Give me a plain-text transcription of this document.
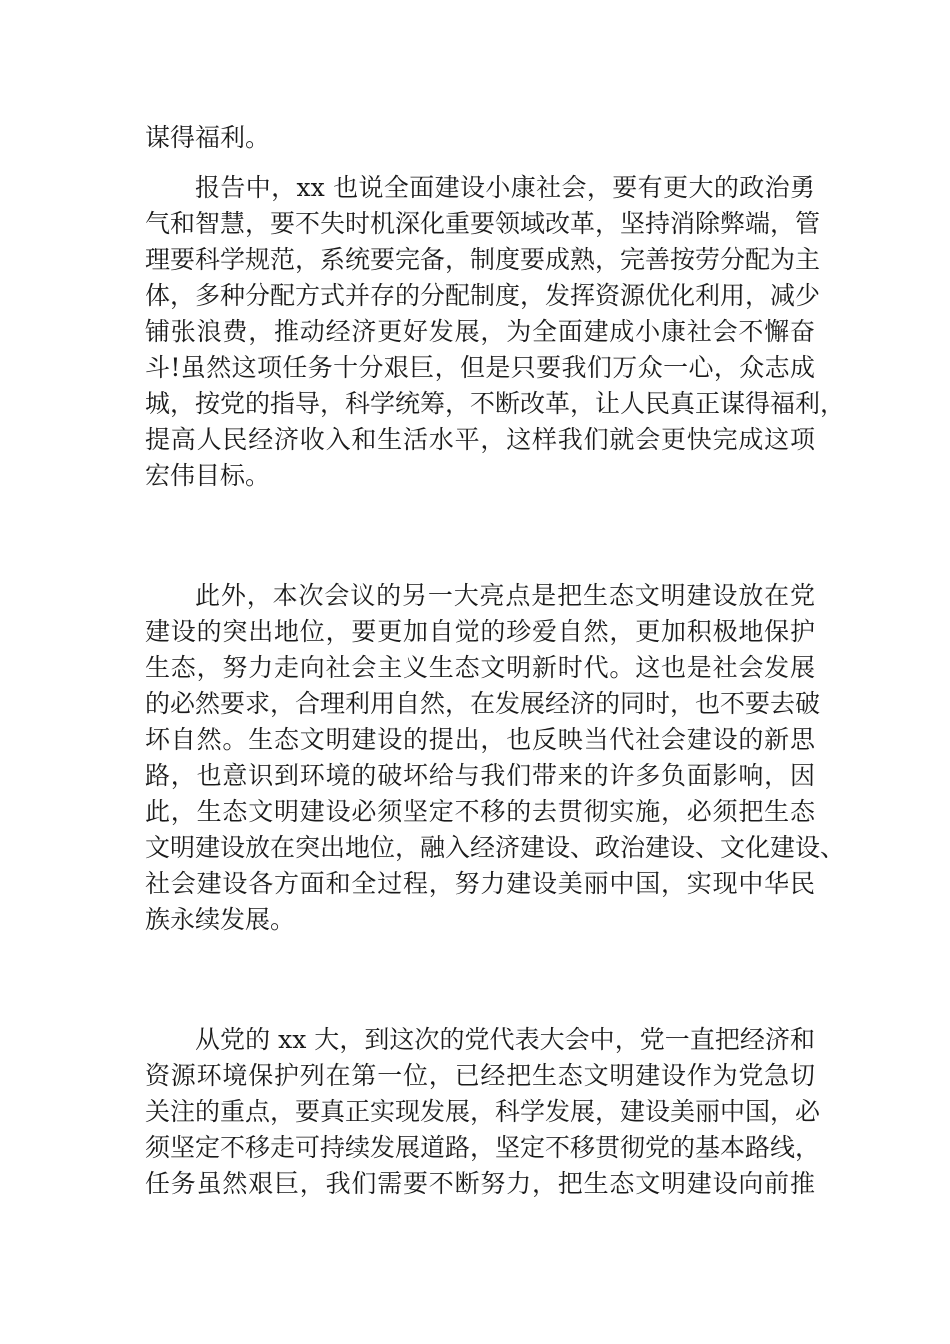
谋得福利。
报告中，xx 也说全面建设小康社会，要有更大的政治勇
气和智慧，要不失时机深化重要领域改革，坚持消除弊端，管
理要科学规范，系统要完备，制度要成熟，完善按劳分配为主
体，多种分配方式并存的分配制度，发挥资源优化利用，减少
铺张浪费，推动经济更好发展，为全面建成小康社会不懈奋
斗!虽然这项任务十分艰巨，但是只要我们万众一心，众志成
城，按党的指导，科学统筹，不断改革，让人民真正谋得福利，
提高人民经济收入和生活水平，这样我们就会更快完成这项
宏伟目标。
此外，本次会议的另一大亮点是把生态文明建设放在党
建设的突出地位，要更加自觉的珍爱自然，更加积极地保护
生态，努力走向社会主义生态文明新时代。这也是社会发展
的必然要求，合理利用自然，在发展经济的同时，也不要去破
坏自然。生态文明建设的提出，也反映当代社会建设的新思
路，也意识到环境的破坏给与我们带来的许多负面影响，因
此，生态文明建设必须坚定不移的去贯彻实施，必须把生态
文明建设放在突出地位，融入经济建设、政治建设、文化建设、
社会建设各方面和全过程，努力建设美丽中国，实现中华民
族永续发展。
从党的 xx 大，到这次的党代表大会中，党一直把经济和
资源环境保护列在第一位，已经把生态文明建设作为党急切
关注的重点，要真正实现发展，科学发展，建设美丽中国，必
须坚定不移走可持续发展道路，坚定不移贯彻党的基本路线，
任务虽然艰巨，我们需要不断努力，把生态文明建设向前推
